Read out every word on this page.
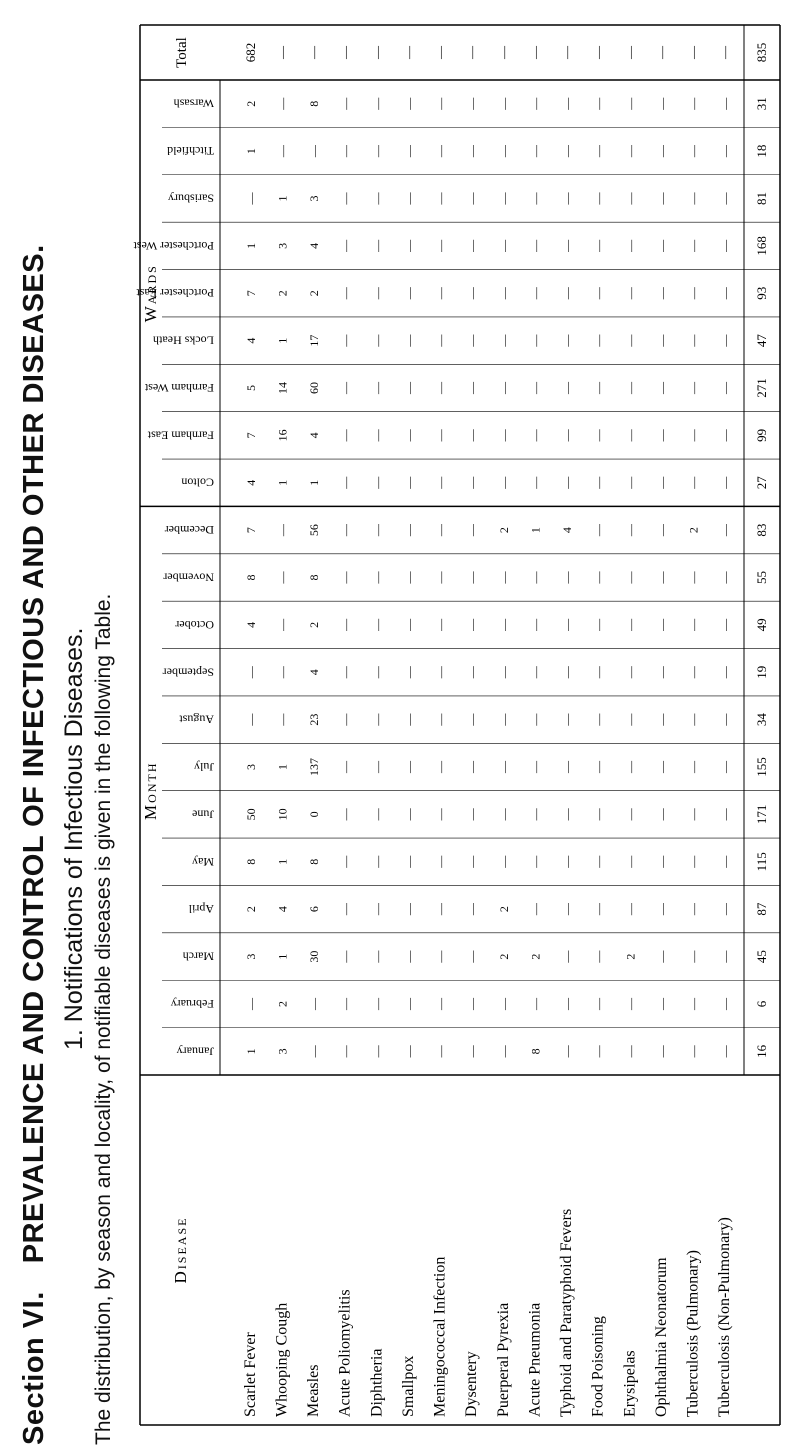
Section VI.PREVALENCE AND CONTROL OF INFECTIOUS AND OTHER DISEASES. 1. Notifications of Infectious Diseases. The distribution, by season and locality, of notifiable diseases is given in the following Table.	Disease
Month
Wards
Total
January
February
March
April
May
June
July
August
September
October
November
December
Colton
Farnham East
Farnham West
Locks Heath
Portchester East
Portchester West
Sarisbury
Titchfield
Warsash
Scarlet Fever
1
—
3
2
8
50
3
—
—
4
8
7
4
7
5
4
7
1
—
1
2
682
Whooping Cough
3
2
1
4
1
10
1
—
—
—
—
—
1
16
14
1
2
3
1
—
—
—
Measles
—
—
30
6
8
0
137
23
4
2
8
56
1
4
60
17
2
4
3
—
8
—
Acute Poliomyelitis
—
—
—
—
—
—
—
—
—
—
—
—
—
—
—
—
—
—
—
—
—
—
Diphtheria
—
—
—
—
—
—
—
—
—
—
—
—
—
—
—
—
—
—
—
—
—
—
Smallpox
—
—
—
—
—
—
—
—
—
—
—
—
—
—
—
—
—
—
—
—
—
—
Meningococcal Infection
—
—
—
—
—
—
—
—
—
—
—
—
—
—
—
—
—
—
—
—
—
—
Dysentery
—
—
—
—
—
—
—
—
—
—
—
—
—
—
—
—
—
—
—
—
—
—
Puerperal Pyrexia
—
—
2
2
—
—
—
—
—
—
—
2
—
—
—
—
—
—
—
—
—
—
Acute Pneumonia
8
—
2
—
—
—
—
—
—
—
—
1
—
—
—
—
—
—
—
—
—
—
Typhoid and Paratyphoid Fevers
—
—
—
—
—
—
—
—
—
—
—
4
—
—
—
—
—
—
—
—
—
—
Food Poisoning
—
—
—
—
—
—
—
—
—
—
—
—
—
—
—
—
—
—
—
—
—
—
Erysipelas
—
—
2
—
—
—
—
—
—
—
—
—
—
—
—
—
—
—
—
—
—
—
Ophthalmia Neonatorum
—
—
—
—
—
—
—
—
—
—
—
—
—
—
—
—
—
—
—
—
—
—
Tuberculosis (Pulmonary)
—
—
—
—
—
—
—
—
—
—
—
2
—
—
—
—
—
—
—
—
—
—
Tuberculosis (Non-Pulmonary)
—
—
—
—
—
—
—
—
—
—
—
—
—
—
—
—
—
—
—
—
—
—
16
6
45
87
115
171
155
34
19
49
55
83
27
99
271
47
93
168
81
18
31
835
